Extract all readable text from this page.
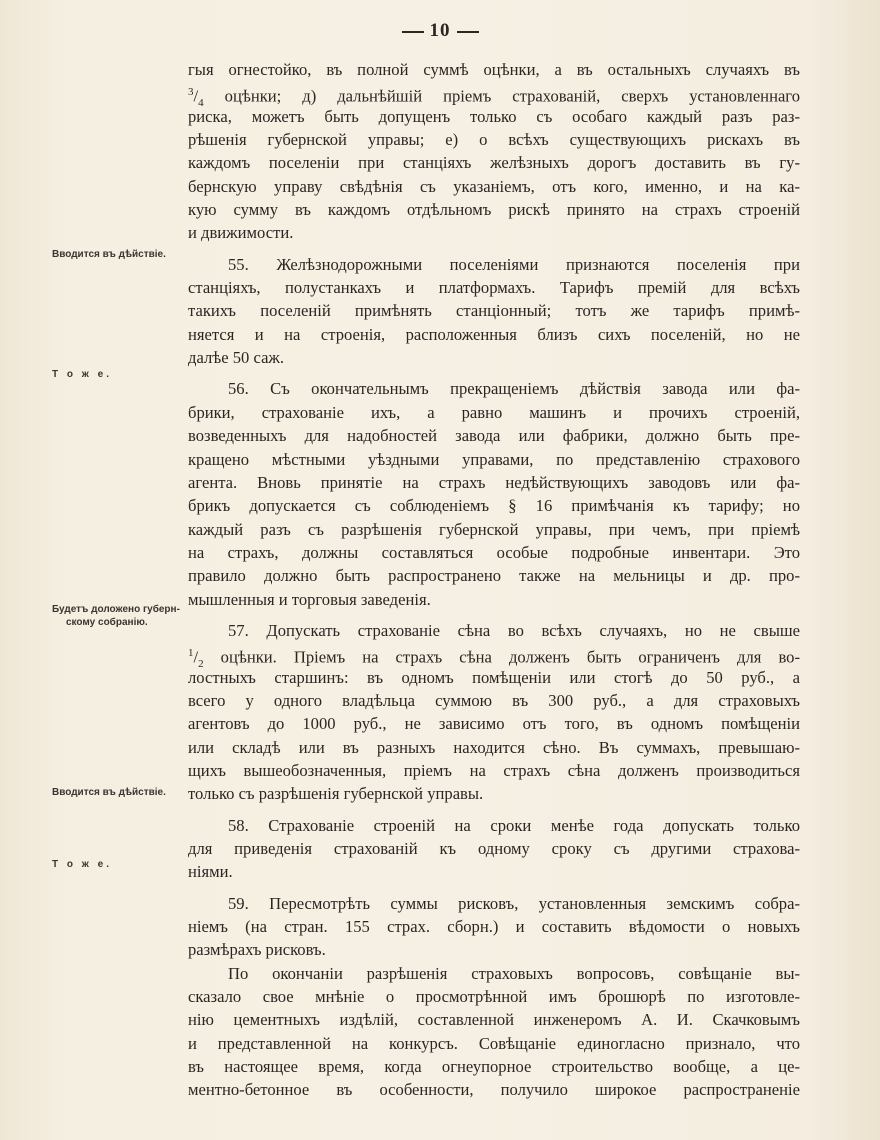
10
Вводится въ дѣйствіе.
Т о ж е.
Будетъ доложено губерн-
скому собранію.
Вводится въ дѣйствіе.
Т о ж е.
гыя огнестойко, въ полной суммѣ оцѣнки, а въ остальныхъ случаяхъ въ
$^3/_4$ оцѣнки; д) дальнѣйшій пріемъ страхованій, сверхъ установленнаго
риска, можетъ быть допущенъ только съ особаго каждый разъ раз-
рѣшенія губернской управы; е) о всѣхъ существующихъ рискахъ въ
каждомъ поселеніи при станціяхъ желѣзныхъ дорогъ доставить въ гу-
бернскую управу свѣдѣнія съ указаніемъ, отъ кого, именно, и на ка-
кую сумму въ каждомъ отдѣльномъ рискѣ принято на страхъ строеній
и движимости.
55. Желѣзнодорожными поселеніями признаются поселенія при
станціяхъ, полустанкахъ и платформахъ. Тарифъ премій для всѣхъ
такихъ поселеній примѣнять станціонный; тотъ же тарифъ примѣ-
няется и на строенія, расположенныя близъ сихъ поселеній, но не
далѣе 50 саж.
56. Съ окончательнымъ прекращеніемъ дѣйствія завода или фа-
брики, страхованіе ихъ, а равно машинъ и прочихъ строеній,
возведенныхъ для надобностей завода или фабрики, должно быть пре-
кращено мѣстными уѣздными управами, по представленію страхового
агента. Вновь принятіе на страхъ недѣйствующихъ заводовъ или фа-
брикъ допускается съ соблюденіемъ § 16 примѣчанія къ тарифу; но
каждый разъ съ разрѣшенія губернской управы, при чемъ, при пріемѣ
на страхъ, должны составляться особые подробные инвентари. Это
правило должно быть распространено также на мельницы и др. про-
мышленныя и торговыя заведенія.
57. Допускать страхованіе сѣна во всѣхъ случаяхъ, но не свыше
$^1/_2$ оцѣнки. Пріемъ на страхъ сѣна долженъ быть ограниченъ для во-
лостныхъ старшинъ: въ одномъ помѣщеніи или стогѣ до 50 руб., а
всего у одного владѣльца суммою въ 300 руб., а для страховыхъ
агентовъ до 1000 руб., не зависимо отъ того, въ одномъ помѣщеніи
или складѣ или въ разныхъ находится сѣно. Въ суммахъ, превышаю-
щихъ вышеобозначенныя, пріемъ на страхъ сѣна долженъ производиться
только съ разрѣшенія губернской управы.
58. Страхованіе строеній на сроки менѣе года допускать только
для приведенія страхованій къ одному сроку съ другими страхова-
ніями.
59. Пересмотрѣть суммы рисковъ, установленныя земскимъ собра-
ніемъ (на стран. 155 страх. сборн.) и составить вѣдомости о новыхъ
размѣрахъ рисковъ.
По окончаніи разрѣшенія страховыхъ вопросовъ, совѣщаніе вы-
сказало свое мнѣніе о просмотрѣнной имъ брошюрѣ по изготовле-
нію цементныхъ издѣлій, составленной инженеромъ А. И. Скачковымъ
и представленной на конкурсъ. Совѣщаніе единогласно признало, что
въ настоящее время, когда огнеупорное строительство вообще, а це-
ментно-бетонное въ особенности, получило широкое распространеніе
